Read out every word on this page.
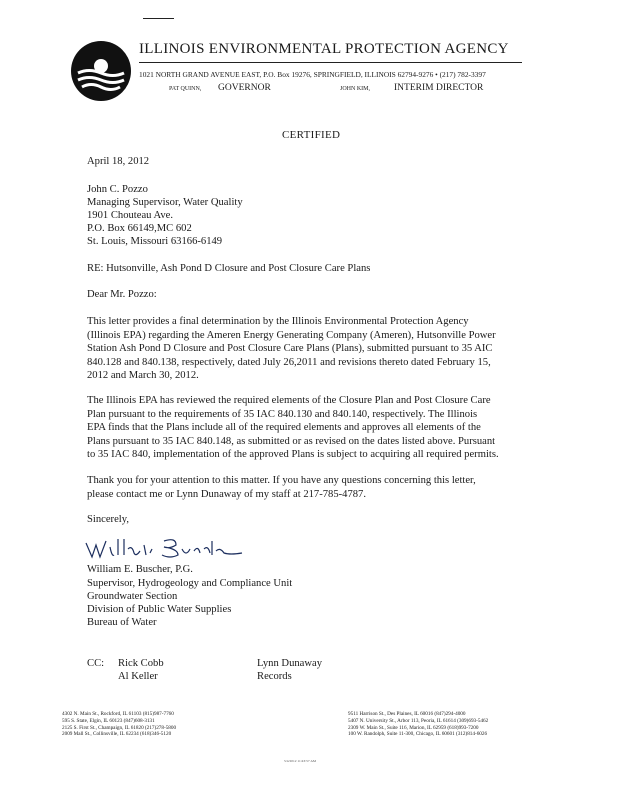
ILLINOIS ENVIRONMENTAL PROTECTION AGENCY
1021 NORTH GRAND AVENUE EAST, P.O. Box 19276, SPRINGFIELD, ILLINOIS 62794-9276 • (217) 782-3397
PAT QUINN, GOVERNOR	JOHN KIM,	INTERIM DIRECTOR
CERTIFIED
April 18, 2012
John C. Pozzo
Managing Supervisor, Water Quality
1901 Chouteau Ave.
P.O. Box 66149,MC 602
St. Louis, Missouri 63166-6149
RE: Hutsonville, Ash Pond D Closure and Post Closure Care Plans
Dear Mr. Pozzo:
This letter provides a final determination by the Illinois Environmental Protection Agency
(Illinois EPA) regarding the Ameren Energy Generating Company (Ameren), Hutsonville Power
Station Ash Pond D Closure and Post Closure Care Plans (Plans), submitted pursuant to 35 AIC
840.128 and 840.138, respectively, dated July 26,2011 and revisions thereto dated February 15,
2012 and March 30, 2012.
The Illinois EPA has reviewed the required elements of the Closure Plan and Post Closure Care
Plan pursuant to the requirements of 35 IAC 840.130 and 840.140, respectively. The Illinois
EPA finds that the Plans include all of the required elements and approves all elements of the
Plans pursuant to 35 IAC 840.148, as submitted or as revised on the dates listed above. Pursuant
to 35 IAC 840, implementation of the approved Plans is subject to acquiring all required permits.
Thank you for your attention to this matter. If you have any questions concerning this letter,
please contact me or Lynn Dunaway of my staff at 217-785-4787.
Sincerely,
William E. Buscher, P.G.
Supervisor, Hydrogeology and Compliance Unit
Groundwater Section
Division of Public Water Supplies
Bureau of Water
CC: Rick Cobb
Al Keller
Lynn Dunaway
Records
4302 N. Main St., Rockford, IL 61103 (815)987-7760
595 S. State, Elgin, IL 60123 (847)608-3131
2125 S. First St., Champaign, IL 61820 (217)278-5800
2009 Mall St., Collinsville, IL 62234 (618)346-5120
9511 Harrison St., Des Plaines, IL 60016 (847)294-4000
5407 N. University St., Arbor 113, Peoria, IL 61614 (309)693-5462
2309 W. Main St., Suite 116, Marion, IL 62959 (618)993-7200
100 W. Randolph, Suite 11-300, Chicago, IL 60601 (312)814-6026
5/4/2012 11:43:57 AM
